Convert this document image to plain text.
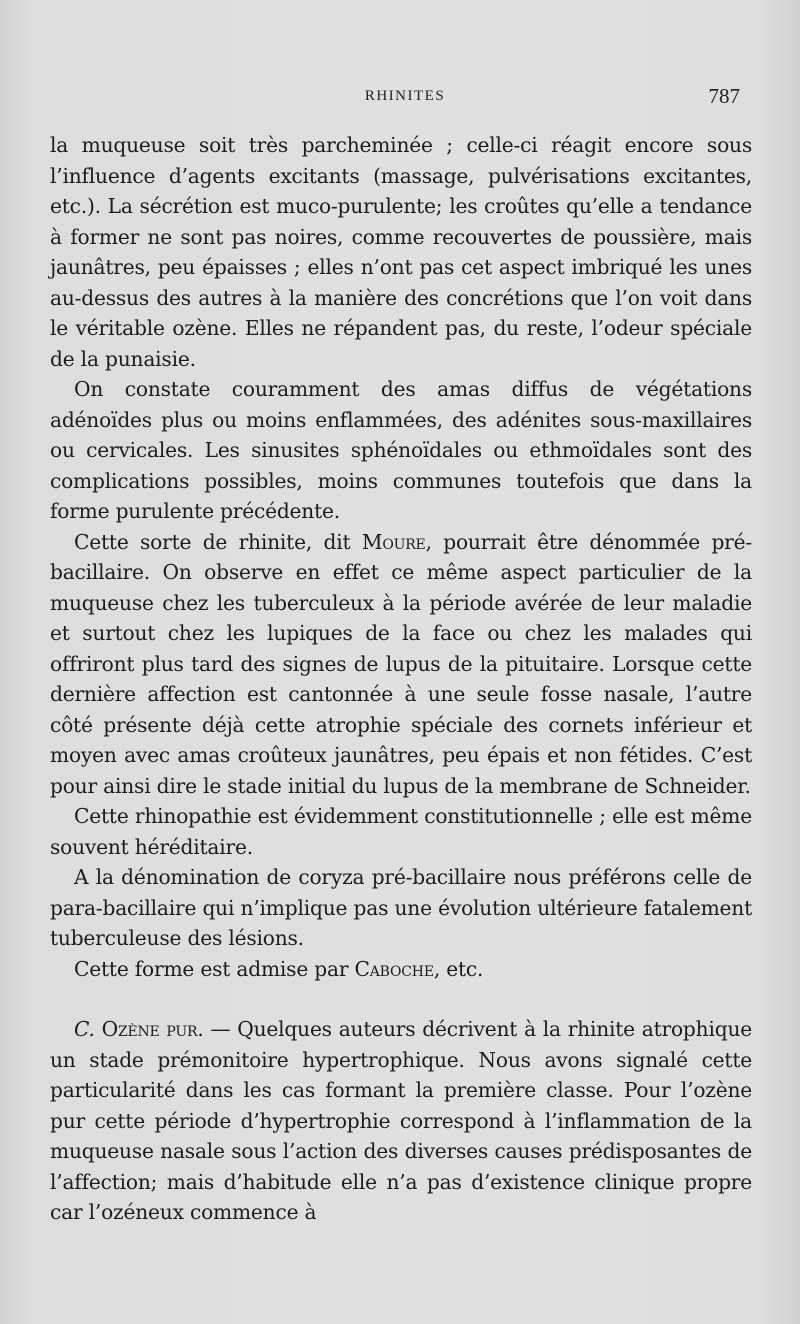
RHINITES	787

la muqueuse soit très parcheminée ; celle-ci réagit encore sous l’influence d’agents excitants (massage, pulvérisations excitantes, etc.). La sécrétion est muco-purulente; les croûtes qu’elle a tendance à former ne sont pas noires, comme recouvertes de poussière, mais jaunâtres, peu épaisses ; elles n’ont pas cet aspect imbriqué les unes au-dessus des autres à la manière des concrétions que l’on voit dans le véritable ozène. Elles ne répandent pas, du reste, l’odeur spéciale de la punaisie.

On constate couramment des amas diffus de végétations adénoïdes plus ou moins enflammées, des adénites sous-maxillaires ou cervicales. Les sinusites sphénoïdales ou ethmoïdales sont des complications possibles, moins communes toutefois que dans la forme purulente précédente.

Cette sorte de rhinite, dit Moure, pourrait être dénommée pré-bacillaire. On observe en effet ce même aspect particulier de la muqueuse chez les tuberculeux à la période avérée de leur maladie et surtout chez les lupiques de la face ou chez les malades qui offriront plus tard des signes de lupus de la pituitaire. Lorsque cette dernière affection est cantonnée à une seule fosse nasale, l’autre côté présente déjà cette atrophie spéciale des cornets inférieur et moyen avec amas croûteux jaunâtres, peu épais et non fétides. C’est pour ainsi dire le stade initial du lupus de la membrane de Schneider.

Cette rhinopathie est évidemment constitutionnelle ; elle est même souvent héréditaire.

A la dénomination de coryza pré-bacillaire nous préférons celle de para-bacillaire qui n’implique pas une évolution ultérieure fatalement tuberculeuse des lésions.

Cette forme est admise par Caboche, etc.

C. Ozène pur. — Quelques auteurs décrivent à la rhinite atrophique un stade prémonitoire hypertrophique. Nous avons signalé cette particularité dans les cas formant la première classe. Pour l’ozène pur cette période d’hypertrophie correspond à l’inflammation de la muqueuse nasale sous l’action des diverses causes prédisposantes de l’affection; mais d’habitude elle n’a pas d’existence clinique propre car l’ozéneux commence à
